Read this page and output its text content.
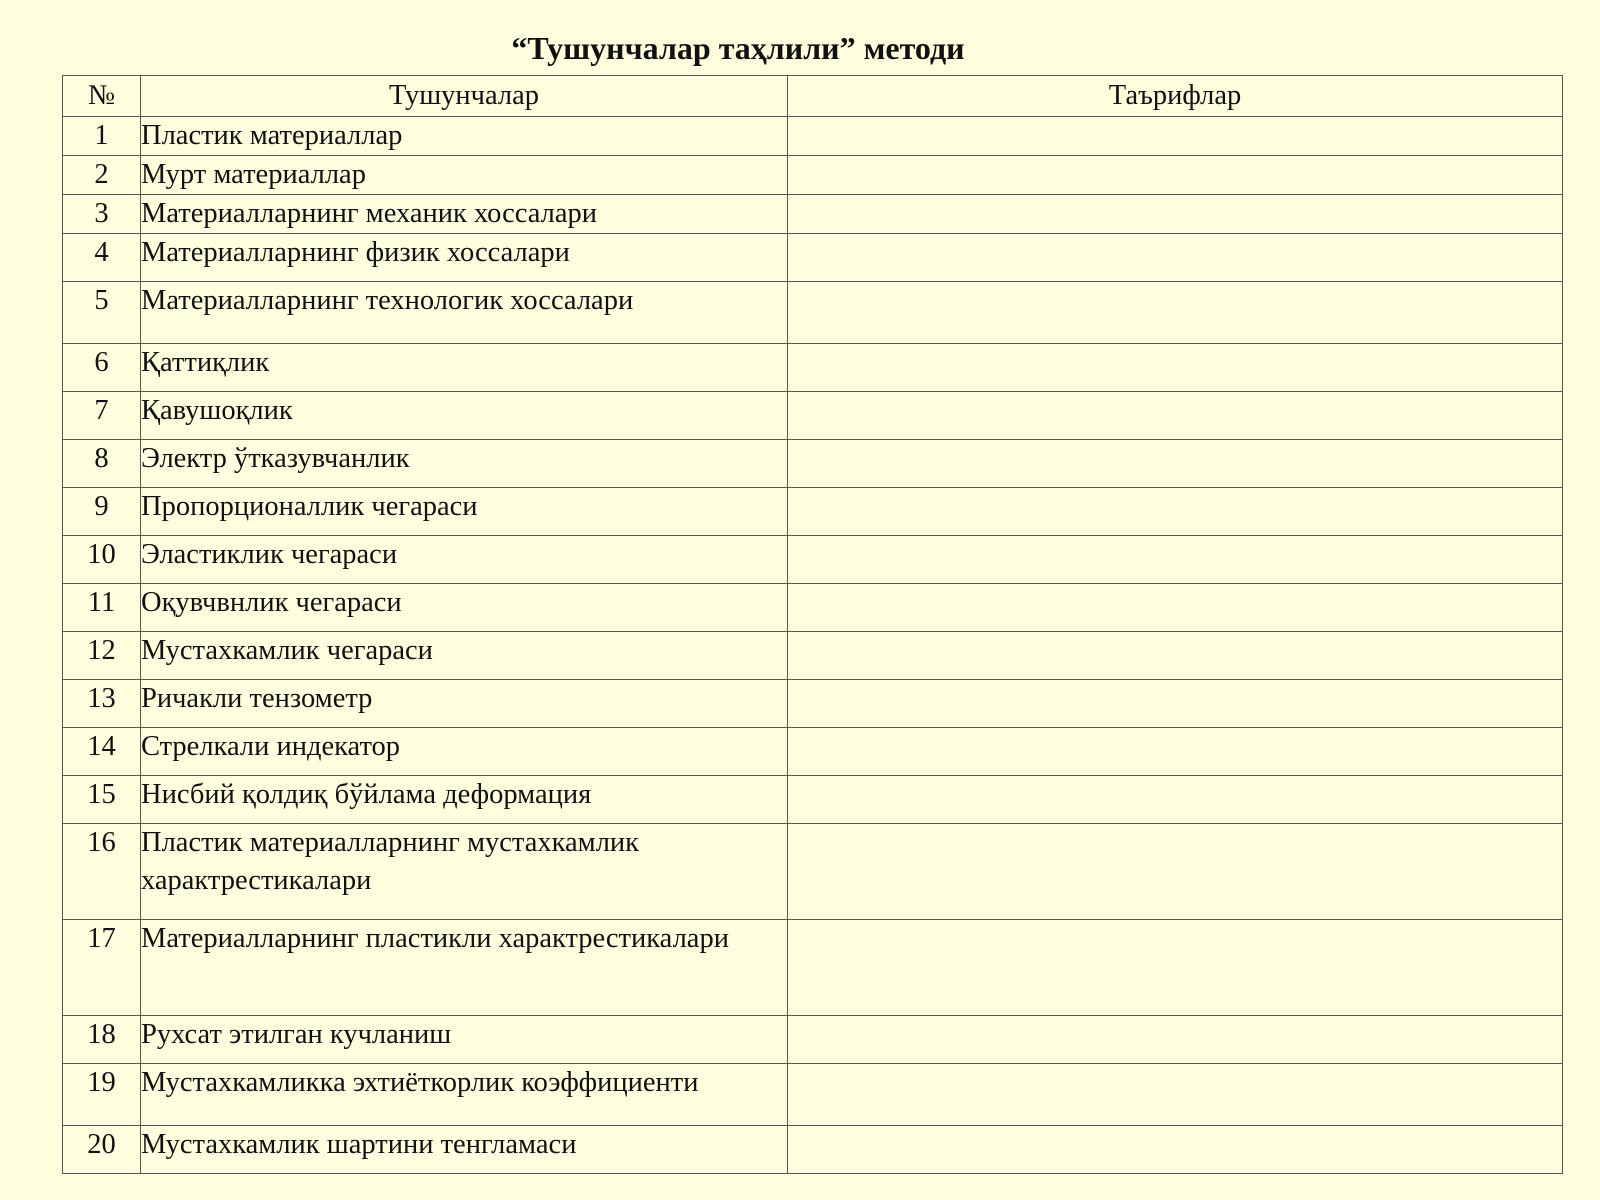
“Тушунчалар таҳлили” методи
№	Тушунчалар	Таърифлар
1	Пластик материаллар	
2	Мурт материаллар	
3	Материалларнинг механик хоссалари	
4	Материалларнинг физик хоссалари	
5	Материалларнинг технологик хоссалари	
6	Қаттиқлик	
7	Қавушоқлик	
8	Электр ўтказувчанлик	
9	Пропорционаллик чегараси	
10	Эластиклик чегараси	
11	Оқувчвнлик чегараси	
12	Мустахкамлик чегараси	
13	Ричакли тензометр	
14	Стрелкали индекатор	
15	Нисбий қолдиқ бўйлама деформация	
16	Пластик материалларнинг мустахкамлик характрестикалари	
17	Материалларнинг пластикли характрестикалари	
18	Рухсат этилган кучланиш	
19	Мустахкамликка эхтиёткорлик коэффициенти	
20	Мустахкамлик шартини тенгламаси	
